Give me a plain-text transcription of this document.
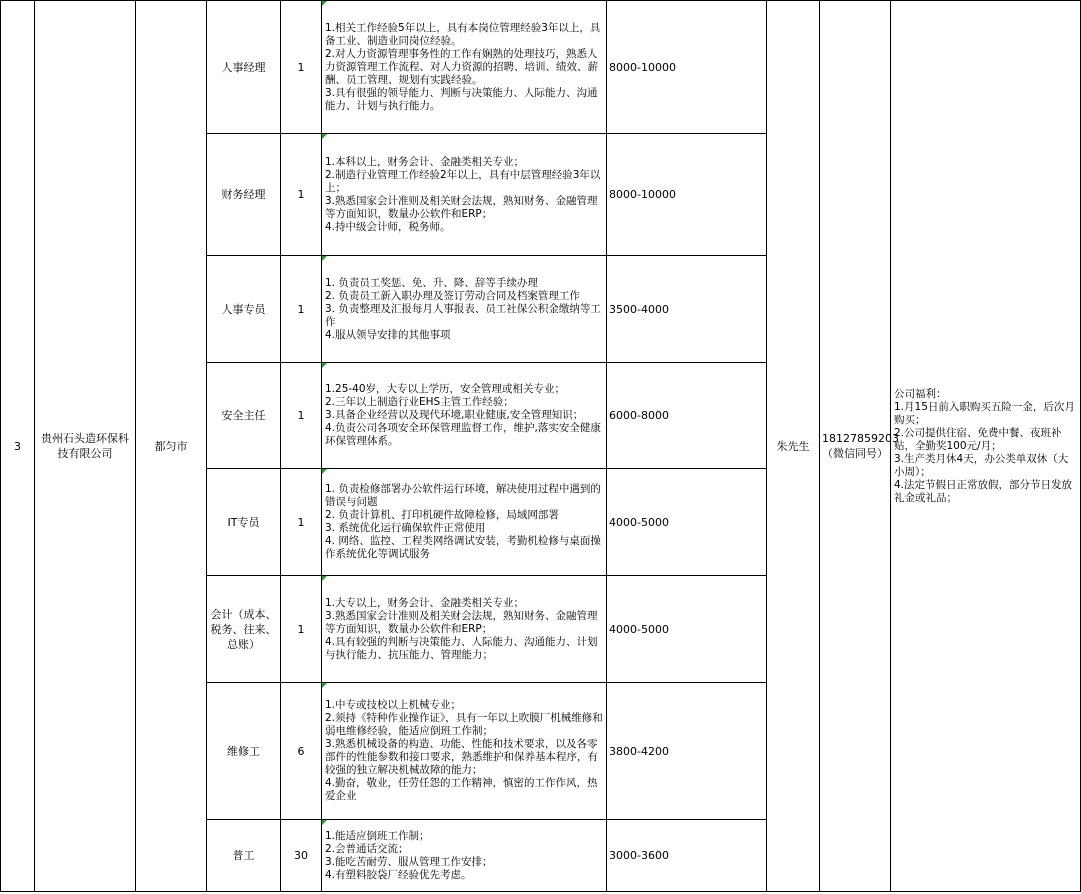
3	贵州石头造环保科技有限公司	都匀市	人事经理	1	1.相关工作经验5年以上，具有本岗位管理经验3年以上，具备工业、制造业同岗位经验。
2.对人力资源管理事务性的工作有娴熟的处理技巧，熟悉人力资源管理工作流程、对人力资源的招聘、培训、绩效、薪酬、员工管理、规划有实践经验。
3.具有很强的领导能力、判断与决策能力、人际能力、沟通能力、计划与执行能力。	8000-10000	朱先生	18127859203（微信同号）	公司福利：
1.月15日前入职购买五险一金，后次月购买；
2.公司提供住宿、免费中餐、夜班补贴，全勤奖100元/月；
3.生产类月休4天，办公类单双休（大小周）；
4.法定节假日正常放假，部分节日发放礼金或礼品；
			财务经理	1	1.本科以上，财务会计、金融类相关专业；
2.制造行业管理工作经验2年以上，具有中层管理经验3年以上；
3.熟悉国家会计准则及相关财会法规，熟知财务、金融管理等方面知识，数量办公软件和ERP；
4.持中级会计师，税务师。	8000-10000			
			人事专员	1	1. 负责员工奖惩、免、升、降、辞等手续办理
2. 负责员工新入职办理及签订劳动合同及档案管理工作
3. 负责整理及汇报每月人事报表、员工社保公积金缴纳等工作
4.服从领导安排的其他事项	3500-4000			
			安全主任	1	1.25-40岁，大专以上学历，安全管理或相关专业；
2.三年以上制造行业EHS主管工作经验；
3.具备企业经营以及现代环境,职业健康,安全管理知识；
4.负责公司各项安全环保管理监督工作，维护,落实安全健康环保管理体系。	6000-8000			
			IT专员	1	1. 负责检修部署办公软件运行环境，解决使用过程中遇到的错误与问题
2. 负责计算机、打印机硬件故障检修，局域网部署
3. 系统优化运行确保软件正常使用
4. 网络、监控、工程类网络调试安装，考勤机检修与桌面操作系统优化等调试服务	4000-5000			
			会计（成本、税务、往来、总账）	1	1.大专以上，财务会计、金融类相关专业；
3.熟悉国家会计准则及相关财会法规，熟知财务、金融管理等方面知识，数量办公软件和ERP；
4.具有较强的判断与决策能力、人际能力、沟通能力、计划与执行能力、抗压能力、管理能力；	4000-5000			
			维修工	6	1.中专或技校以上机械专业；
2.须持《特种作业操作证》，具有一年以上吹膜厂机械维修和弱电维修经验，能适应倒班工作制；
3.熟悉机械设备的构造、功能、性能和技术要求，以及各零部件的性能参数和接口要求，熟悉维护和保养基本程序，有较强的独立解决机械故障的能力；
4.勤奋，敬业，任劳任怨的工作精神，慎密的工作作风，热爱企业	3800-4200			
			普工	30	1.能适应倒班工作制；
2.会普通话交流；
3.能吃苦耐劳、服从管理工作安排；
4.有塑料胶袋厂经验优先考虑。	3000-3600			
